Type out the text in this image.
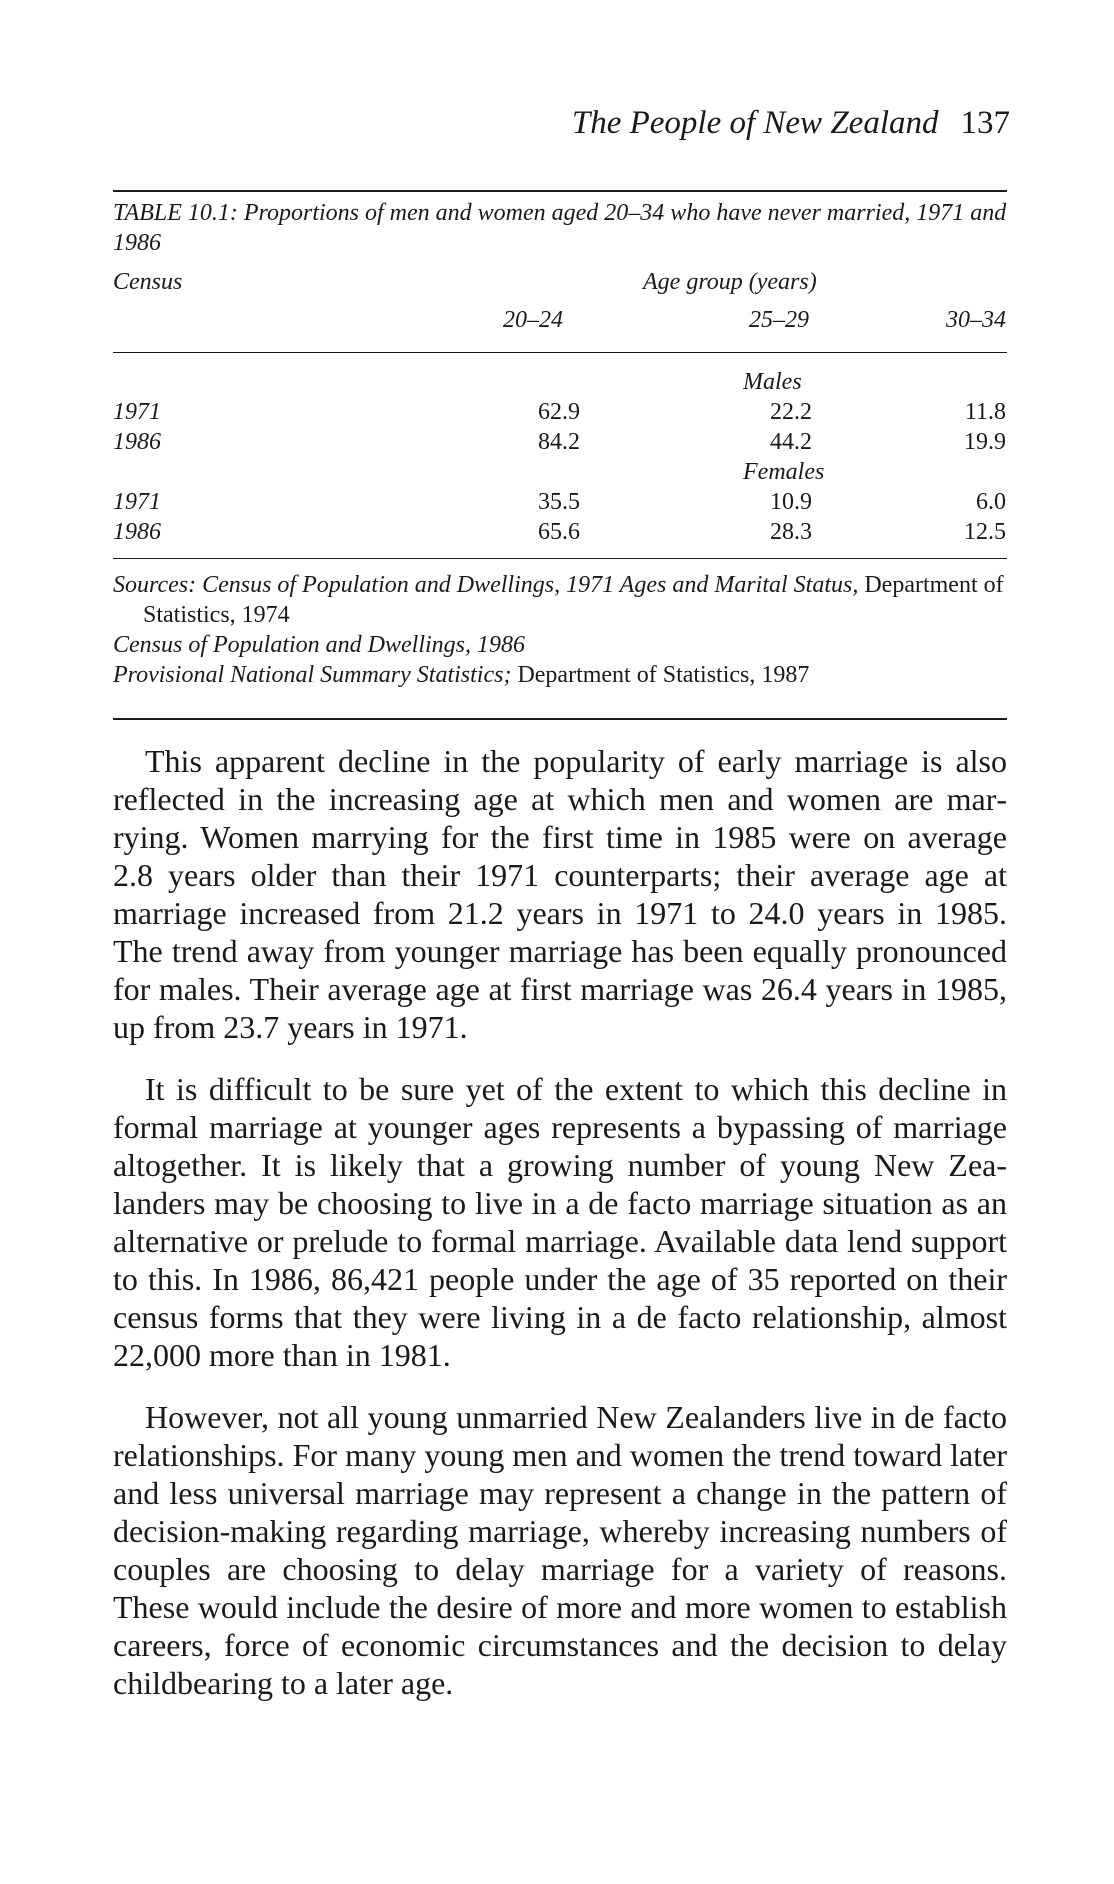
The People of New Zealand 137
TABLE 10.1: Proportions of men and women aged 20–34 who have never married, 1971 and 1986
Census	Age group (years)
20–24	25–29	30–34
Males
1971	62.9	22.2	11.8
1986	84.2	44.2	19.9
Females
1971	35.5	10.9	6.0
1986	65.6	28.3	12.5
Sources: Census of Population and Dwellings, 1971 Ages and Marital Status, Department of
Statistics, 1974
Census of Population and Dwellings, 1986
Provisional National Summary Statistics; Department of Statistics, 1987

This apparent decline in the popularity of early marriage is also reflected in the increasing age at which men and women are marrying. Women marrying for the first time in 1985 were on average 2.8 years older than their 1971 counterparts; their average age at marriage increased from 21.2 years in 1971 to 24.0 years in 1985. The trend away from younger marriage has been equally pronounced for males. Their average age at first marriage was 26.4 years in 1985, up from 23.7 years in 1971.

It is difficult to be sure yet of the extent to which this decline in formal marriage at younger ages represents a bypassing of marriage altogether. It is likely that a growing number of young New Zealanders may be choosing to live in a de facto marriage situation as an alternative or prelude to formal marriage. Available data lend support to this. In 1986, 86,421 people under the age of 35 reported on their census forms that they were living in a de facto relationship, almost 22,000 more than in 1981.

However, not all young unmarried New Zealanders live in de facto relationships. For many young men and women the trend toward later and less universal marriage may represent a change in the pattern of decision-making regarding marriage, whereby increasing numbers of couples are choosing to delay marriage for a variety of reasons. These would include the desire of more and more women to establish careers, force of economic circumstances and the decision to delay childbearing to a later age.
